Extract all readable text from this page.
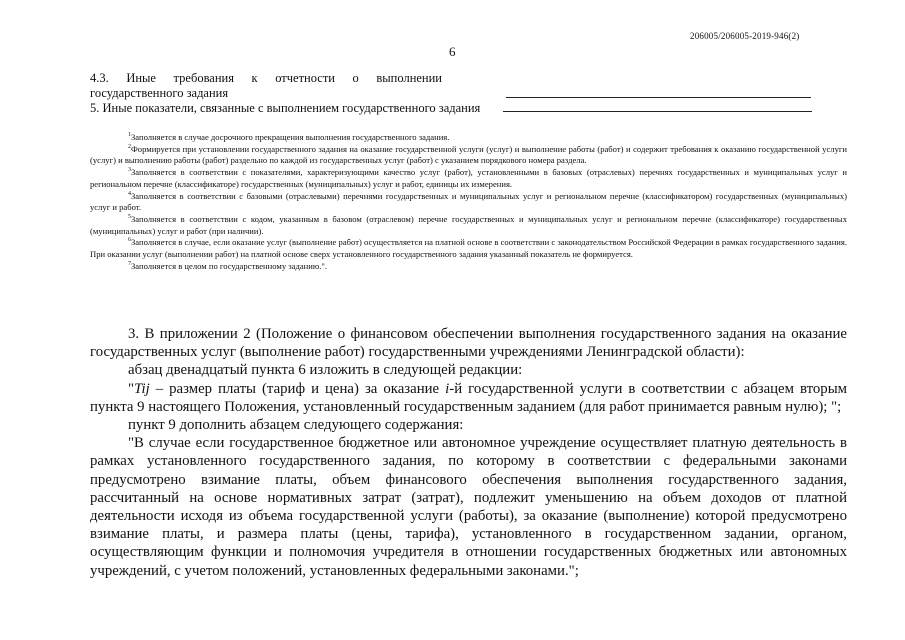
206005/206005-2019-946(2)
6
4.3. Иные требования к отчетности о выполнении
государственного задания
5. Иные показатели, связанные с выполнением государственного задания

$^1$Заполняется в случае досрочного прекращения выполнения государственного задания.

$^2$Формируется при установлении государственного задания на оказание государственной услуги (услуг) и выполнение работы (работ) и содержит требования к оказанию государственной услуги (услуг) и выполнению работы (работ) раздельно по каждой из государственных услуг (работ) с указанием порядкового номера раздела.

$^3$Заполняется в соответствии с показателями, характеризующими качество услуг (работ), установленными в базовых (отраслевых) перечнях государственных и муниципальных услуг и региональном перечне (классификаторе) государственных (муниципальных) услуг и работ, единицы их измерения.

$^4$Заполняется в соответствии с базовыми (отраслевыми) перечнями государственных и муниципальных услуг и региональном перечне (классификатором) государственных (муниципальных) услуг и работ.

$^5$Заполняется в соответствии с кодом, указанным в базовом (отраслевом) перечне государственных и муниципальных услуг и региональном перечне (классификаторе) государственных (муниципальных) услуг и работ (при наличии).

$^6$Заполняется в случае, если оказание услуг (выполнение работ) осуществляется на платной основе в соответствии с законодательством Российской Федерации в рамках государственного задания. При оказании услуг (выполнении работ) на платной основе сверх установленного государственного задания указанный показатель не формируется.

$^7$Заполняется в целом по государственному заданию.".

3. В приложении 2 (Положение о финансовом обеспечении выполнения государственного задания на оказание государственных услуг (выполнение работ) государственными учреждениями Ленинградской области):

абзац двенадцатый пункта 6 изложить в следующей редакции:

"Tij – размер платы (тариф и цена) за оказание i-й государственной услуги в соответствии с абзацем вторым пункта 9 настоящего Положения, установленный государственным заданием (для работ принимается равным нулю); ";

пункт 9 дополнить абзацем следующего содержания:

"В случае если государственное бюджетное или автономное учреждение осуществляет платную деятельность в рамках установленного государственного задания, по которому в соответствии с федеральными законами предусмотрено взимание платы, объем финансового обеспечения выполнения государственного задания, рассчитанный на основе нормативных затрат (затрат), подлежит уменьшению на объем доходов от платной деятельности исходя из объема государственной услуги (работы), за оказание (выполнение) которой предусмотрено взимание платы, и размера платы (цены, тарифа), установленного в государственном задании, органом, осуществляющим функции и полномочия учредителя в отношении государственных бюджетных или автономных учреждений, с учетом положений, установленных федеральными законами.";
